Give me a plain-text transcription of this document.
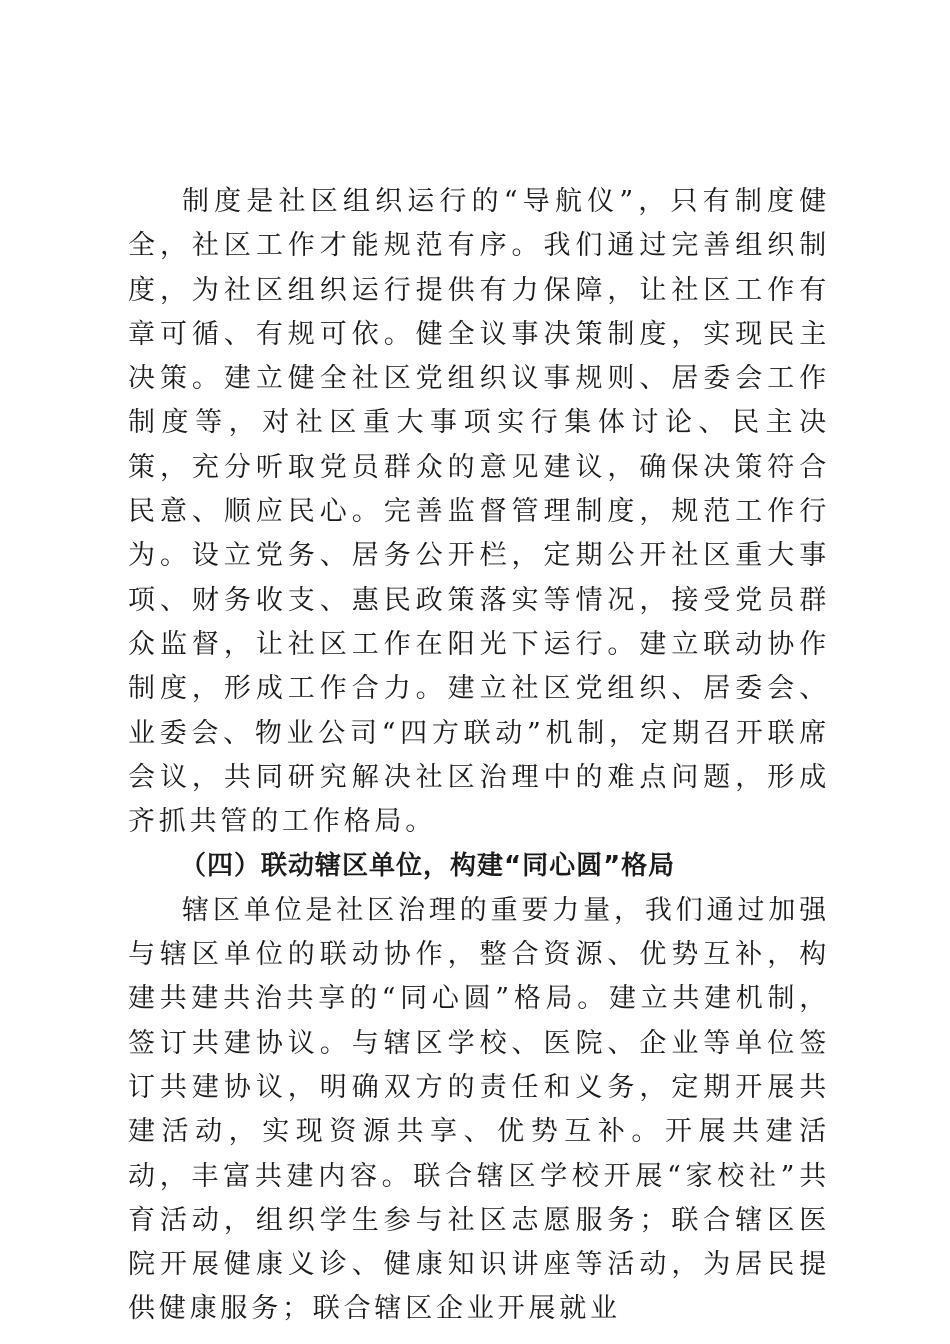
制度是社区组织运行的“导航仪”，只有制度健全，社区工作才能规范有序。我们通过完善组织制度，为社区组织运行提供有力保障，让社区工作有章可循、有规可依。健全议事决策制度，实现民主决策。建立健全社区党组织议事规则、居委会工作制度等，对社区重大事项实行集体讨论、民主决策，充分听取党员群众的意见建议，确保决策符合民意、顺应民心。完善监督管理制度，规范工作行为。设立党务、居务公开栏，定期公开社区重大事项、财务收支、惠民政策落实等情况，接受党员群众监督，让社区工作在阳光下运行。建立联动协作制度，形成工作合力。建立社区党组织、居委会、业委会、物业公司“四方联动”机制，定期召开联席会议，共同研究解决社区治理中的难点问题，形成齐抓共管的工作格局。

（四）联动辖区单位，构建“同心圆”格局

辖区单位是社区治理的重要力量，我们通过加强与辖区单位的联动协作，整合资源、优势互补，构建共建共治共享的“同心圆”格局。建立共建机制，签订共建协议。与辖区学校、医院、企业等单位签订共建协议，明确双方的责任和义务，定期开展共建活动，实现资源共享、优势互补。开展共建活动，丰富共建内容。联合辖区学校开展“家校社”共育活动，组织学生参与社区志愿服务；联合辖区医院开展健康义诊、健康知识讲座等活动，为居民提供健康服务；联合辖区企业开展就业
